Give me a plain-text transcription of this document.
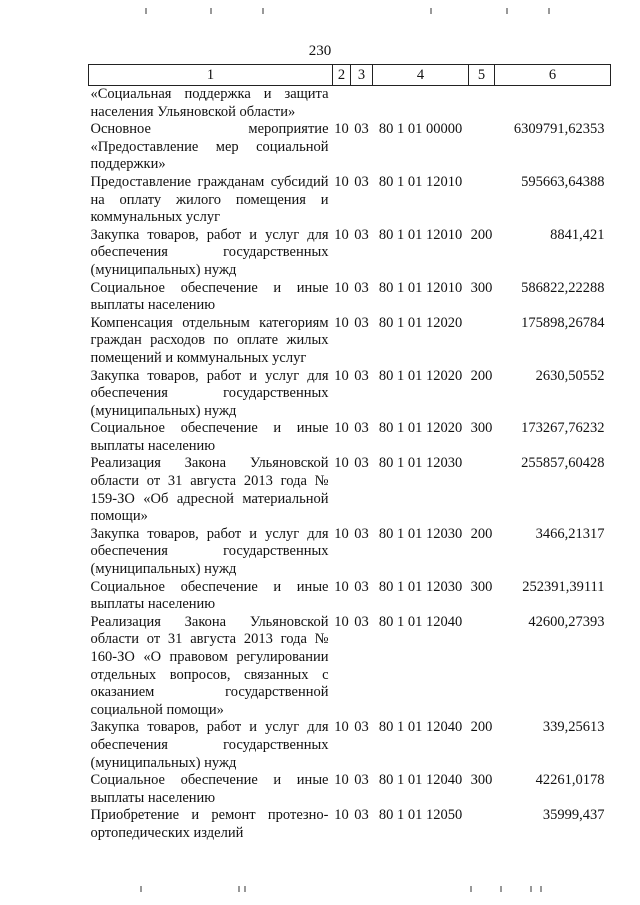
230
1	2	3	4	5	6
«Социальная поддержка и защита населения Ульяновской области»					
Основное мероприятие «Предоставление мер социальной поддержки»	10	03	80 1 01 00000		6309791,62353
Предоставление гражданам субсидий на оплату жилого помещения и коммунальных услуг	10	03	80 1 01 12010		595663,64388
Закупка товаров, работ и услуг для обеспечения государственных (муниципальных) нужд	10	03	80 1 01 12010	200	8841,421
Социальное обеспечение и иные выплаты населению	10	03	80 1 01 12010	300	586822,22288
Компенсация отдельным категориям граждан расходов по оплате жилых помещений и коммунальных услуг	10	03	80 1 01 12020		175898,26784
Закупка товаров, работ и услуг для обеспечения государственных (муниципальных) нужд	10	03	80 1 01 12020	200	2630,50552
Социальное обеспечение и иные выплаты населению	10	03	80 1 01 12020	300	173267,76232
Реализация Закона Ульяновской области от 31 августа 2013 года № 159-ЗО «Об адресной материальной помощи»	10	03	80 1 01 12030		255857,60428
Закупка товаров, работ и услуг для обеспечения государственных (муниципальных) нужд	10	03	80 1 01 12030	200	3466,21317
Социальное обеспечение и иные выплаты населению	10	03	80 1 01 12030	300	252391,39111
Реализация Закона Ульяновской области от 31 августа 2013 года № 160-ЗО «О правовом регулировании отдельных вопросов, связанных с оказанием государственной социальной помощи»	10	03	80 1 01 12040		42600,27393
Закупка товаров, работ и услуг для обеспечения государственных (муниципальных) нужд	10	03	80 1 01 12040	200	339,25613
Социальное обеспечение и иные выплаты населению	10	03	80 1 01 12040	300	42261,0178
Приобретение и ремонт протезно-ортопедических изделий	10	03	80 1 01 12050		35999,437
